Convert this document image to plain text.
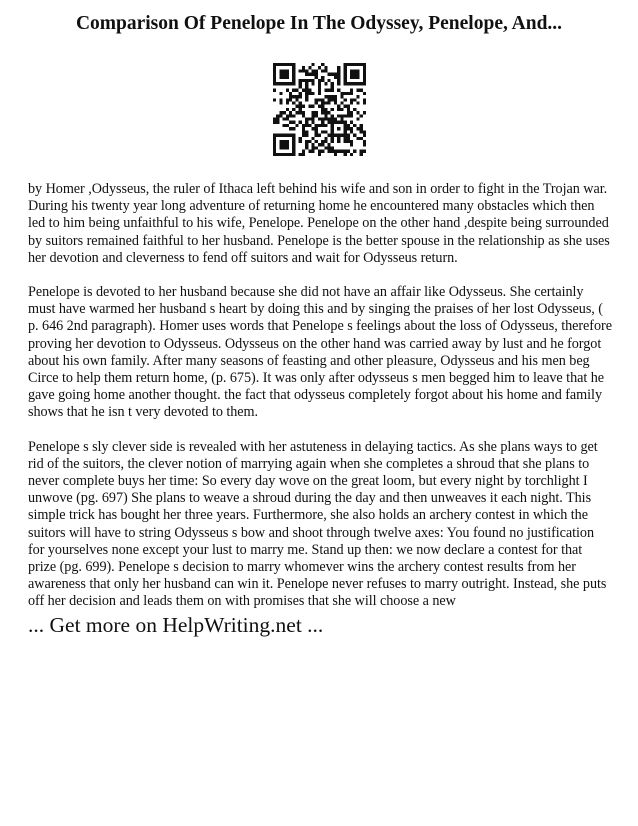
Comparison Of Penelope In The Odyssey, Penelope, And...

by Homer ,Odysseus, the ruler of Ithaca left behind his wife and son in order to fight in the Trojan war. During his twenty year long adventure of returning home he encountered many obstacles which then led to him being unfaithful to his wife, Penelope. Penelope on the other hand ,despite being surrounded by suitors remained faithful to her husband. Penelope is the better spouse in the relationship as she uses her devotion and cleverness to fend off suitors and wait for Odysseus return.

Penelope is devoted to her husband because she did not have an affair like Odysseus. She certainly must have warmed her husband s heart by doing this and by singing the praises of her lost Odysseus, ( p. 646 2nd paragraph). Homer uses words that Penelope s feelings about the loss of Odysseus, therefore proving her devotion to Odysseus. Odysseus on the other hand was carried away by lust and he forgot about his own family. After many seasons of feasting and other pleasure, Odysseus and his men beg Circe to help them return home, (p. 675). It was only after odysseus s men begged him to leave that he gave going home another thought. the fact that odysseus completely forgot about his home and family shows that he isn t very devoted to them.

Penelope s sly clever side is revealed with her astuteness in delaying tactics. As she plans ways to get rid of the suitors, the clever notion of marrying again when she completes a shroud that she plans to never complete buys her time: So every day wove on the great loom, but every night by torchlight I unwove (pg. 697) She plans to weave a shroud during the day and then unweaves it each night. This simple trick has bought her three years. Furthermore, she also holds an archery contest in which the suitors will have to string Odysseus s bow and shoot through twelve axes: You found no justification for yourselves none except your lust to marry me. Stand up then: we now declare a contest for that prize (pg. 699). Penelope s decision to marry whomever wins the archery contest results from her awareness that only her husband can win it. Penelope never refuses to marry outright. Instead, she puts off her decision and leads them on with promises that she will choose a new

... Get more on HelpWriting.net ...
